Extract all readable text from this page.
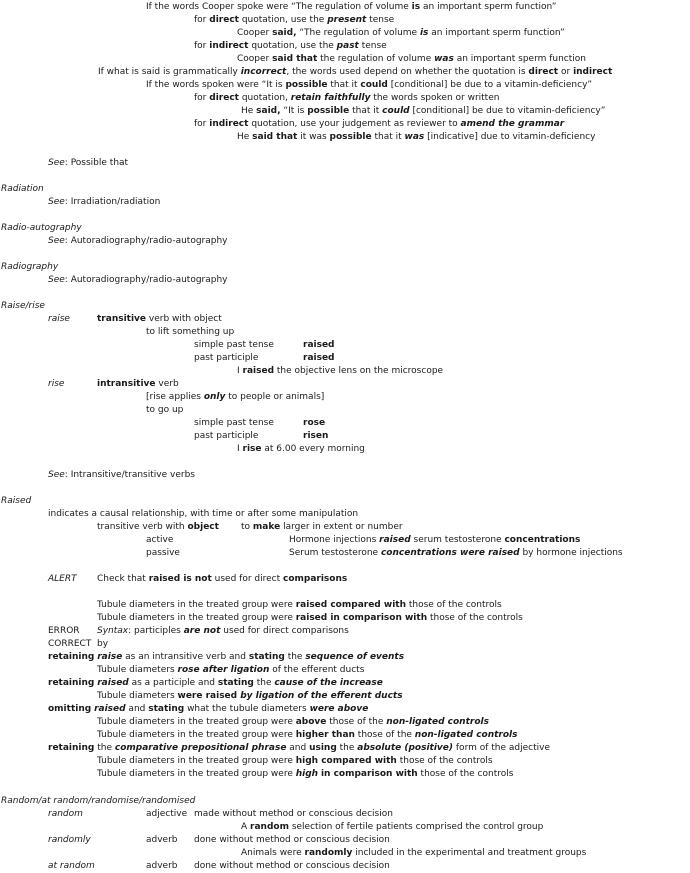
If the words Cooper spoke were “The regulation of volume is an important sperm function”
for direct quotation, use the present tense
Cooper said, “The regulation of volume is an important sperm function”
for indirect quotation, use the past tense
Cooper said that the regulation of volume was an important sperm function
If what is said is grammatically incorrect, the words used depend on whether the quotation is direct or indirect
If the words spoken were “It is possible that it could [conditional] be due to a vitamin-deficiency”
for direct quotation, retain faithfully the words spoken or written
He said, “It is possible that it could [conditional] be due to vitamin-deficiency”
for indirect quotation, use your judgement as reviewer to amend the grammar
He said that it was possible that it was [indicative] due to vitamin-deficiency
See: Possible that
Radiation
See: Irradiation/radiation
Radio-autography
See: Autoradiography/radio-autography
Radiography
See: Autoradiography/radio-autography
Raise/rise
raise	transitive verb with object
to lift something up
simple past tense	raised
past participle	raised
I raised the objective lens on the microscope
rise	intransitive verb
[rise applies only to people or animals]
to go up
simple past tense	rose
past participle	risen
I rise at 6.00 every morning
See: Intransitive/transitive verbs
Raised
indicates a causal relationship, with time or after some manipulation
transitive verb with object to make larger in extent or number
active	Hormone injections raised serum testosterone concentrations
passive	Serum testosterone concentrations were raised by hormone injections
ALERT Check that raised is not used for direct comparisons
Tubule diameters in the treated group were raised compared with those of the controls
Tubule diameters in the treated group were raised in comparison with those of the controls
ERROR Syntax: participles are not used for direct comparisons
CORRECT by
retaining raise as an intransitive verb and stating the sequence of events
Tubule diameters rose after ligation of the efferent ducts
retaining raised as a participle and stating the cause of the increase
Tubule diameters were raised by ligation of the efferent ducts
omitting raised and stating what the tubule diameters were above
Tubule diameters in the treated group were above those of the non-ligated controls
Tubule diameters in the treated group were higher than those of the non-ligated controls
retaining the comparative prepositional phrase and using the absolute (positive) form of the adjective
Tubule diameters in the treated group were high compared with those of the controls
Tubule diameters in the treated group were high in comparison with those of the controls
Random/at random/randomise/randomised
random	adjective made without method or conscious decision
A random selection of fertile patients comprised the control group
randomly	adverb done without method or conscious decision
Animals were randomly included in the experimental and treatment groups
at random	adverb done without method or conscious decision
